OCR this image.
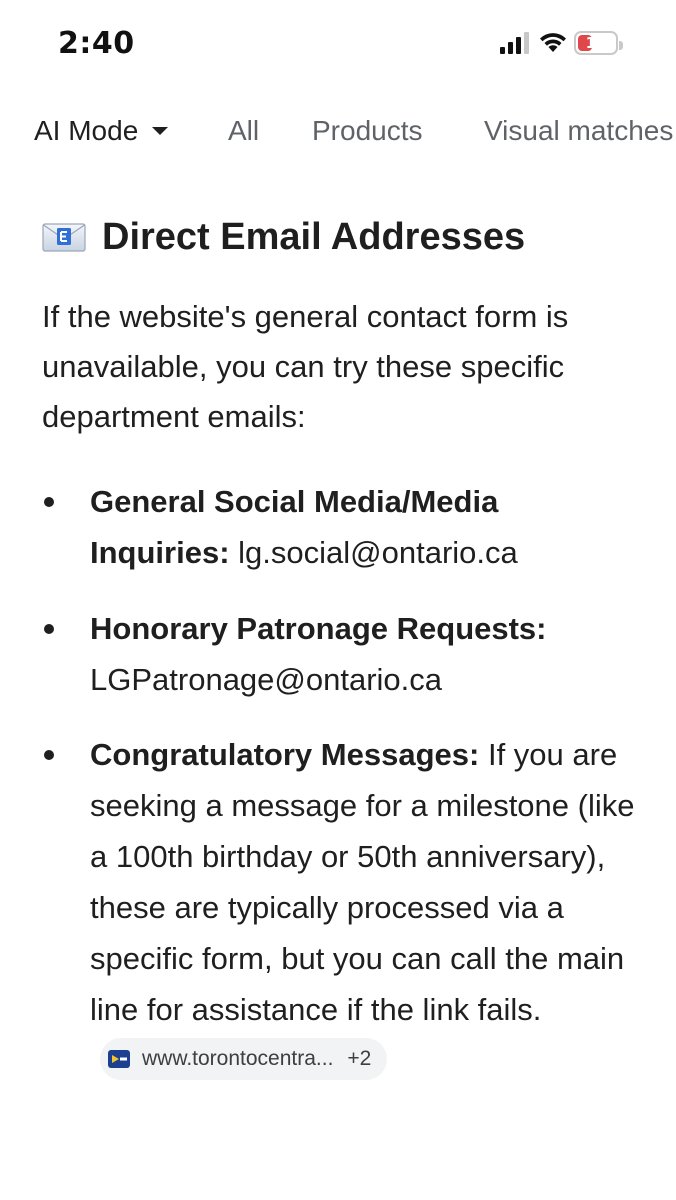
2:40	11
AI Mode	All Products Visual matches
Direct Email Addresses
If the website's general contact form is unavailable, you can try these specific department emails:
General Social Media/Media Inquiries: lg.social@ontario.ca
Honorary Patronage Requests:
LGPatronage@ontario.ca
Congratulatory Messages: If you are seeking a message for a milestone (like a 100th birthday or 50th anniversary), these are typically processed via a specific form, but you can call the main line for assistance if the link fails.
www.torontocentra... +2
